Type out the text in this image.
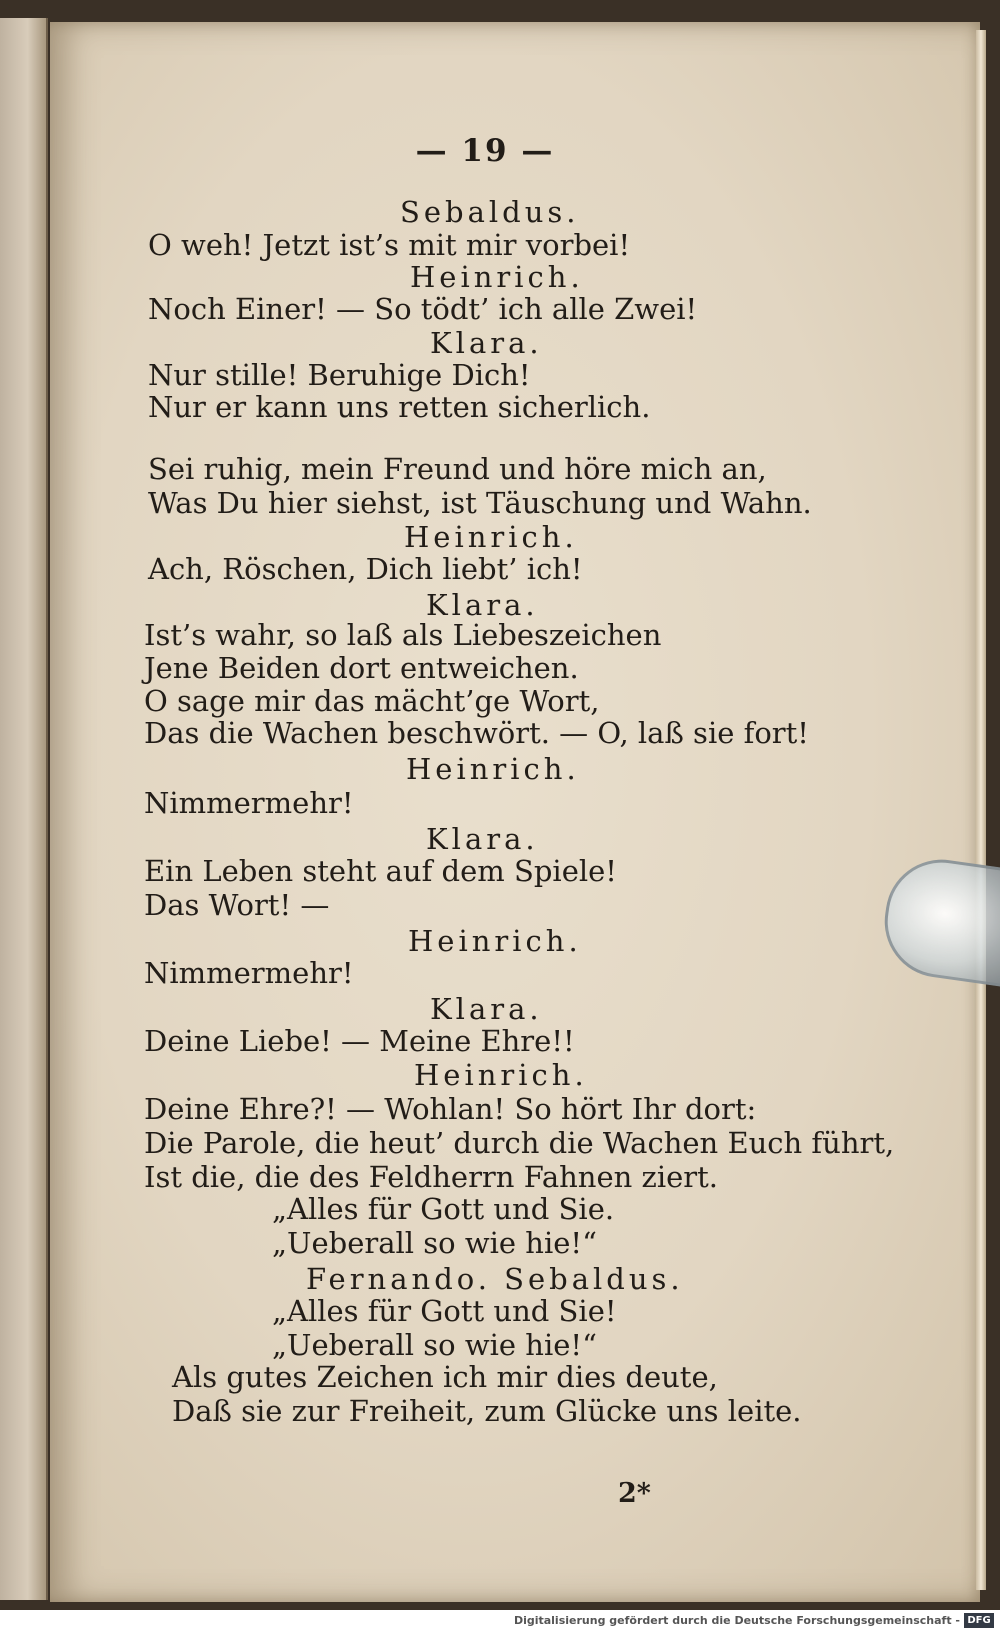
— 19 —
Sebaldus.
O weh! Jetzt ist’s mit mir vorbei!
Heinrich.
Noch Einer! — So tödt’ ich alle Zwei!
Klara.
Nur stille! Beruhige Dich!
Nur er kann uns retten sicherlich.
Sei ruhig, mein Freund und höre mich an,
Was Du hier siehst, ist Täuschung und Wahn.
Heinrich.
Ach, Röschen, Dich liebt’ ich!
Klara.
Ist’s wahr, so laß als Liebeszeichen
Jene Beiden dort entweichen.
O sage mir das mächt’ge Wort,
Das die Wachen beschwört. — O, laß sie fort!
Heinrich.
Nimmermehr!
Klara.
Ein Leben steht auf dem Spiele!
Das Wort! —
Heinrich.
Nimmermehr!
Klara.
Deine Liebe! — Meine Ehre!!
Heinrich.
Deine Ehre?! — Wohlan! So hört Ihr dort:
Die Parole, die heut’ durch die Wachen Euch führt,
Ist die, die des Feldherrn Fahnen ziert.
„Alles für Gott und Sie.
„Ueberall so wie hie!“
Fernando. Sebaldus.
„Alles für Gott und Sie!
„Ueberall so wie hie!“
Als gutes Zeichen ich mir dies deute,
Daß sie zur Freiheit, zum Glücke uns leite.
2*
Digitalisierung gefördert durch die Deutsche Forschungsgemeinschaft - DFG
